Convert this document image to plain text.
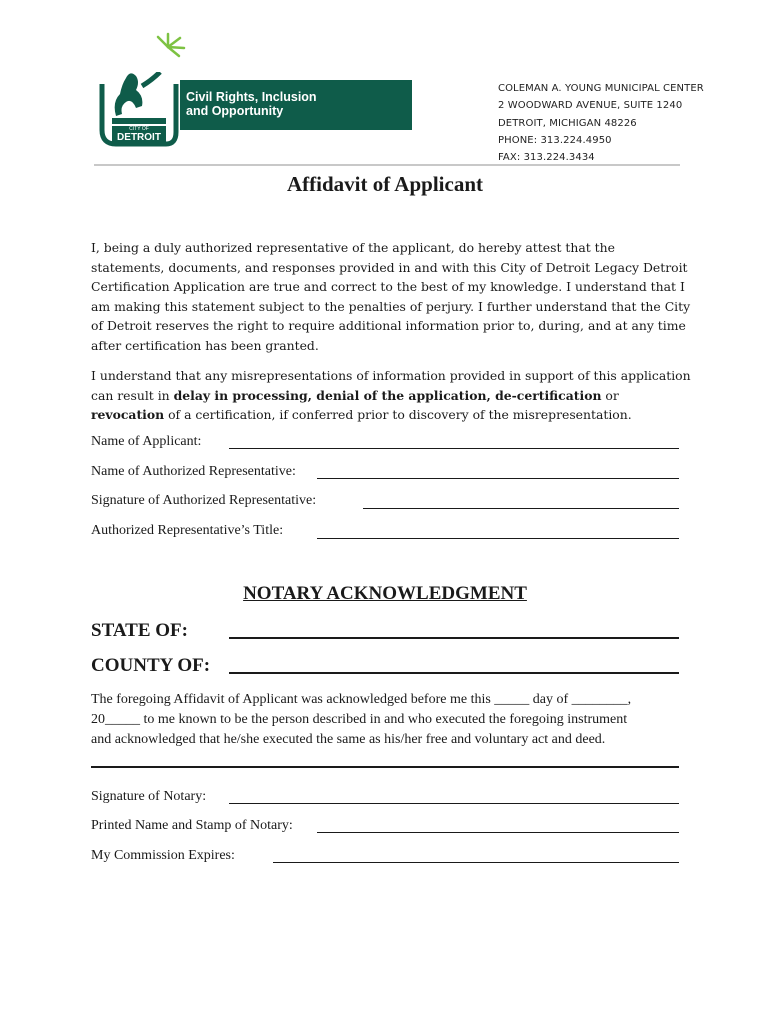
CITY OF
DETROIT
Civil Rights, Inclusion
and Opportunity
COLEMAN A. YOUNG MUNICIPAL CENTER
2 WOODWARD AVENUE, SUITE 1240
DETROIT, MICHIGAN 48226
PHONE: 313.224.4950
FAX: 313.224.3434
Affidavit of Applicant

I, being a duly authorized representative of the applicant, do hereby attest that the statements, documents, and responses provided in and with this City of Detroit Legacy Detroit Certification Application are true and correct to the best of my knowledge. I understand that I am making this statement subject to the penalties of perjury. I further understand that the City of Detroit reserves the right to require additional information prior to, during, and at any time after certification has been granted.

I understand that any misrepresentations of information provided in support of this application can result in delay in processing, denial of the application, de-certification or revocation of a certification, if conferred prior to discovery of the misrepresentation.

Name of Applicant:
Name of Authorized Representative:
Signature of Authorized Representative:
Authorized Representative’s Title:
NOTARY ACKNOWLEDGMENT
STATE OF:
COUNTY OF:
The foregoing Affidavit of Applicant was acknowledged before me this _____ day of ________,
20_____ to me known to be the person described in and who executed the foregoing instrument
and acknowledged that he/she executed the same as his/her free and voluntary act and deed.
Signature of Notary:
Printed Name and Stamp of Notary:
My Commission Expires:
